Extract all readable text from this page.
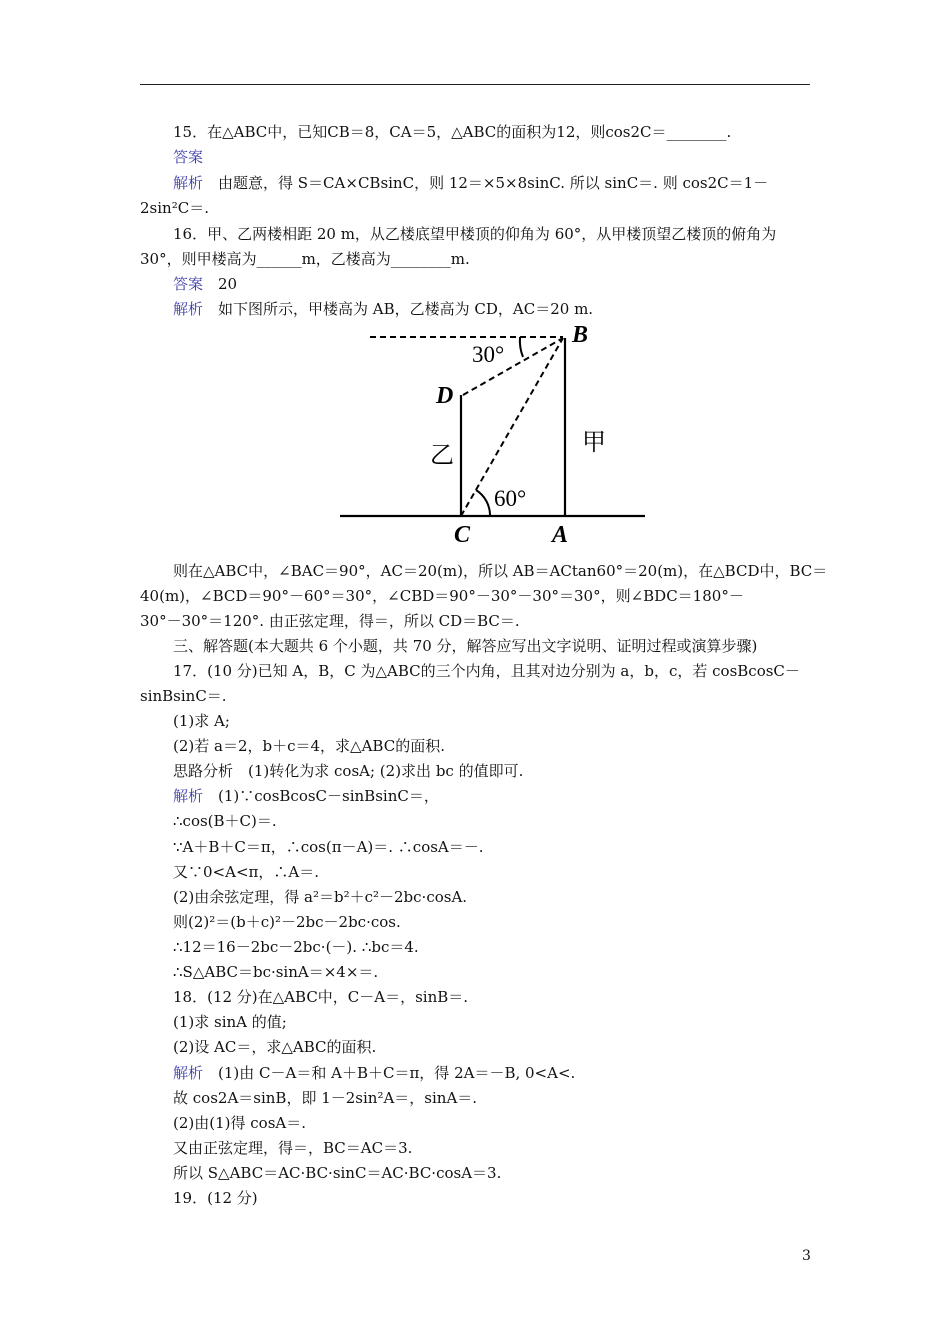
15．在△ABC中，已知CB＝8，CA＝5，△ABC的面积为12，则cos2C＝________.
答案
解析　由题意，得 S＝CA×CBsinC，则 12＝×5×8sinC. 所以 sinC＝. 则 cos2C＝1－
2sin²C＝.
16．甲、乙两楼相距 20 m，从乙楼底望甲楼顶的仰角为 60°，从甲楼顶望乙楼顶的俯角为
30°，则甲楼高为______m，乙楼高为________m.
答案　20
解析　如下图所示，甲楼高为 AB，乙楼高为 CD，AC＝20 m.
B
D
C	A
甲
乙
30°
60°
则在△ABC中，∠BAC＝90°，AC＝20(m)，所以 AB＝ACtan60°＝20(m)，在△BCD中，BC＝
40(m)，∠BCD＝90°－60°＝30°，∠CBD＝90°－30°－30°＝30°，则∠BDC＝180°－
30°－30°＝120°. 由正弦定理，得＝，所以 CD＝BC＝.
三、解答题(本大题共 6 个小题，共 70 分，解答应写出文字说明、证明过程或演算步骤)
17．(10 分)已知 A，B，C 为△ABC的三个内角，且其对边分别为 a，b，c，若 cosBcosC－
sinBsinC＝.
(1)求 A;
(2)若 a＝2，b＋c＝4，求△ABC的面积.
思路分析　(1)转化为求 cosA; (2)求出 bc 的值即可.
解析　(1)∵cosBcosC－sinBsinC＝，
∴cos(B＋C)＝.
∵A＋B＋C＝π，∴cos(π－A)＝. ∴cosA＝－.
又∵0<A<π，∴A＝.
(2)由余弦定理，得 a²＝b²＋c²－2bc·cosA.
则(2)²＝(b＋c)²－2bc－2bc·cos.
∴12＝16－2bc－2bc·(－). ∴bc＝4.
∴S△ABC＝bc·sinA＝×4×＝.
18．(12 分)在△ABC中，C－A＝，sinB＝.
(1)求 sinA 的值;
(2)设 AC＝，求△ABC的面积.
解析　(1)由 C－A＝和 A＋B＋C＝π，得 2A＝－B, 0<A<.
故 cos2A＝sinB，即 1－2sin²A＝，sinA＝.
(2)由(1)得 cosA＝.
又由正弦定理，得＝，BC＝AC＝3.
所以 S△ABC＝AC·BC·sinC＝AC·BC·cosA＝3.
19．(12 分)
3
